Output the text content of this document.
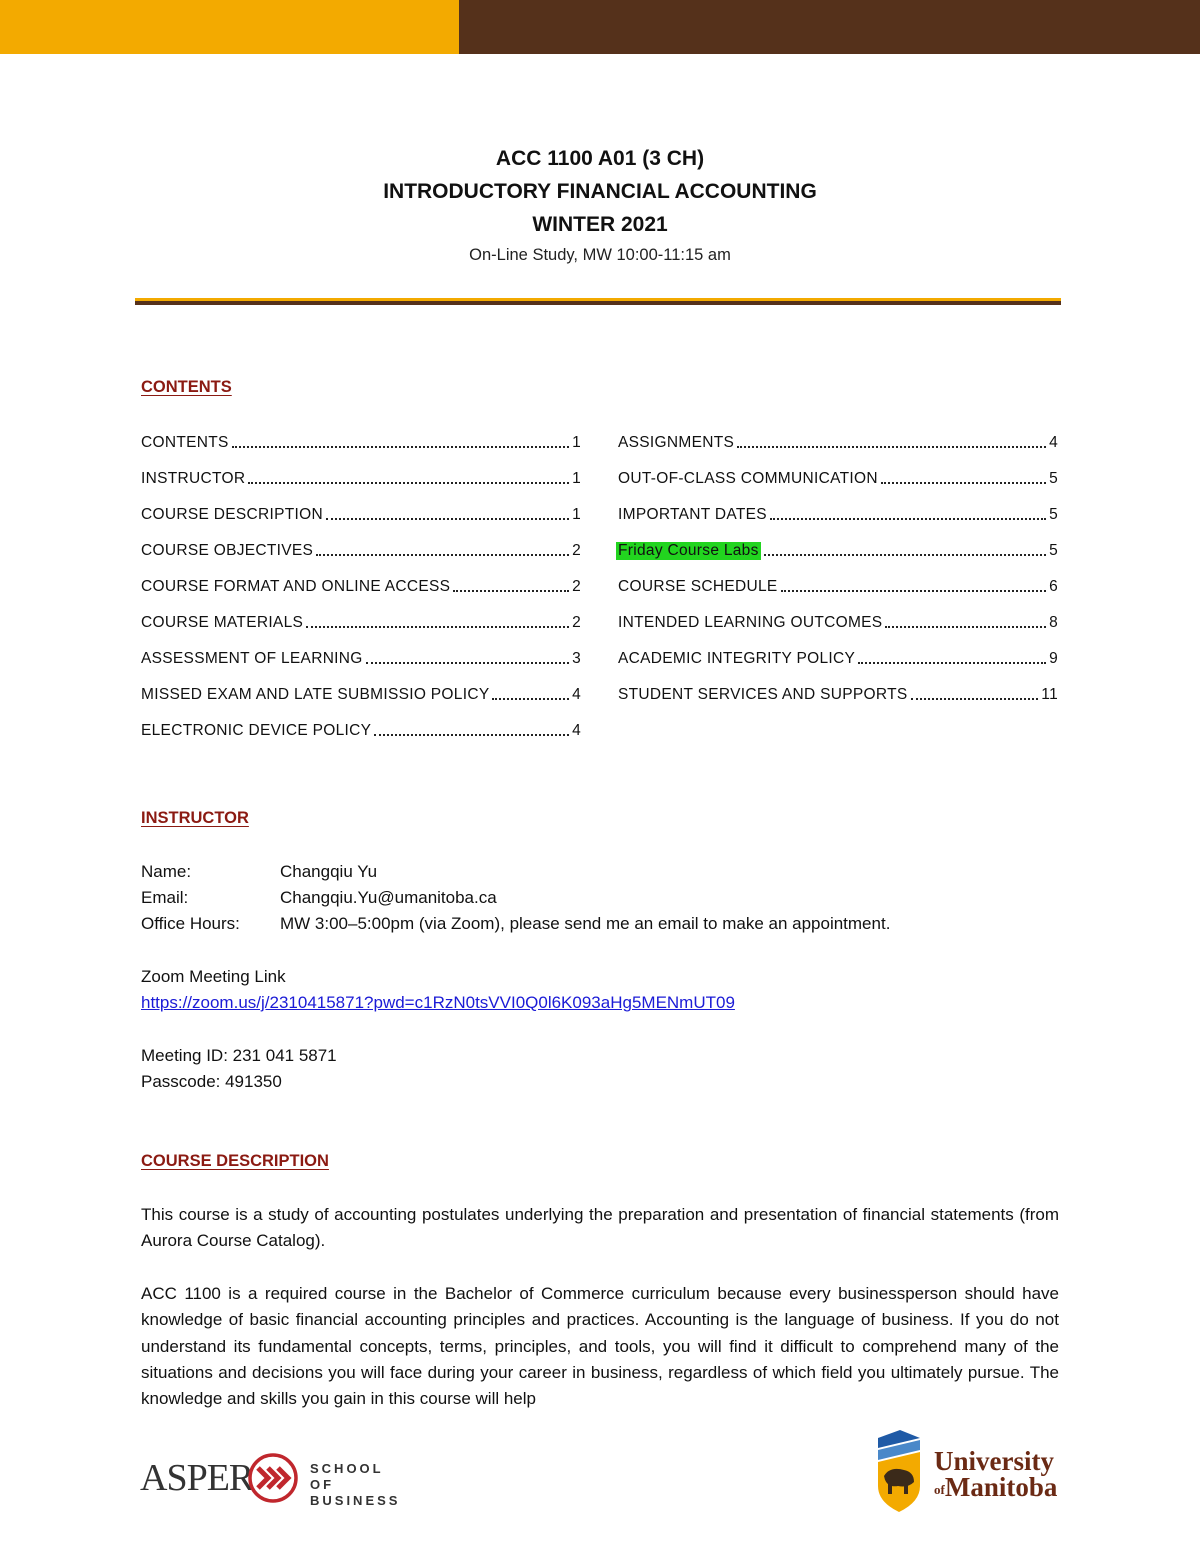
ACC 1100 A01 (3 CH)
INTRODUCTORY FINANCIAL ACCOUNTING
WINTER 2021
On-Line Study, MW 10:00-11:15 am
CONTENTS
CONTENTS	1
INSTRUCTOR	1
COURSE DESCRIPTION	1
COURSE OBJECTIVES	2
COURSE FORMAT AND ONLINE ACCESS	2
COURSE MATERIALS	2
ASSESSMENT OF LEARNING	3
MISSED EXAM AND LATE SUBMISSIO POLICY	4
ELECTRONIC DEVICE POLICY	4
ASSIGNMENTS	4
OUT-OF-CLASS COMMUNICATION	5
IMPORTANT DATES	5
Friday Course Labs	5
COURSE SCHEDULE	6
INTENDED LEARNING OUTCOMES	8
ACADEMIC INTEGRITY POLICY	9
STUDENT SERVICES AND SUPPORTS	11
INSTRUCTOR
Name:	Changqiu Yu
Email:	Changqiu.Yu@umanitoba.ca
Office Hours: MW 3:00–5:00pm (via Zoom), please send me an email to make an appointment.
Zoom Meeting Link
https://zoom.us/j/2310415871?pwd=c1RzN0tsVVI0Q0l6K093aHg5MENmUT09
Meeting ID: 231 041 5871
Passcode: 491350
COURSE DESCRIPTION
This course is a study of accounting postulates underlying the preparation and presentation of financial statements (from Aurora Course Catalog).
ACC 1100 is a required course in the Bachelor of Commerce curriculum because every businessperson should have knowledge of basic financial accounting principles and practices. Accounting is the language of business. If you do not understand its fundamental concepts, terms, principles, and tools, you will find it difficult to comprehend many of the situations and decisions you will face during your career in business, regardless of which field you ultimately pursue. The knowledge and skills you gain in this course will help
ASPER	SCHOOL OF
BUSINESS
University
ofManitoba
